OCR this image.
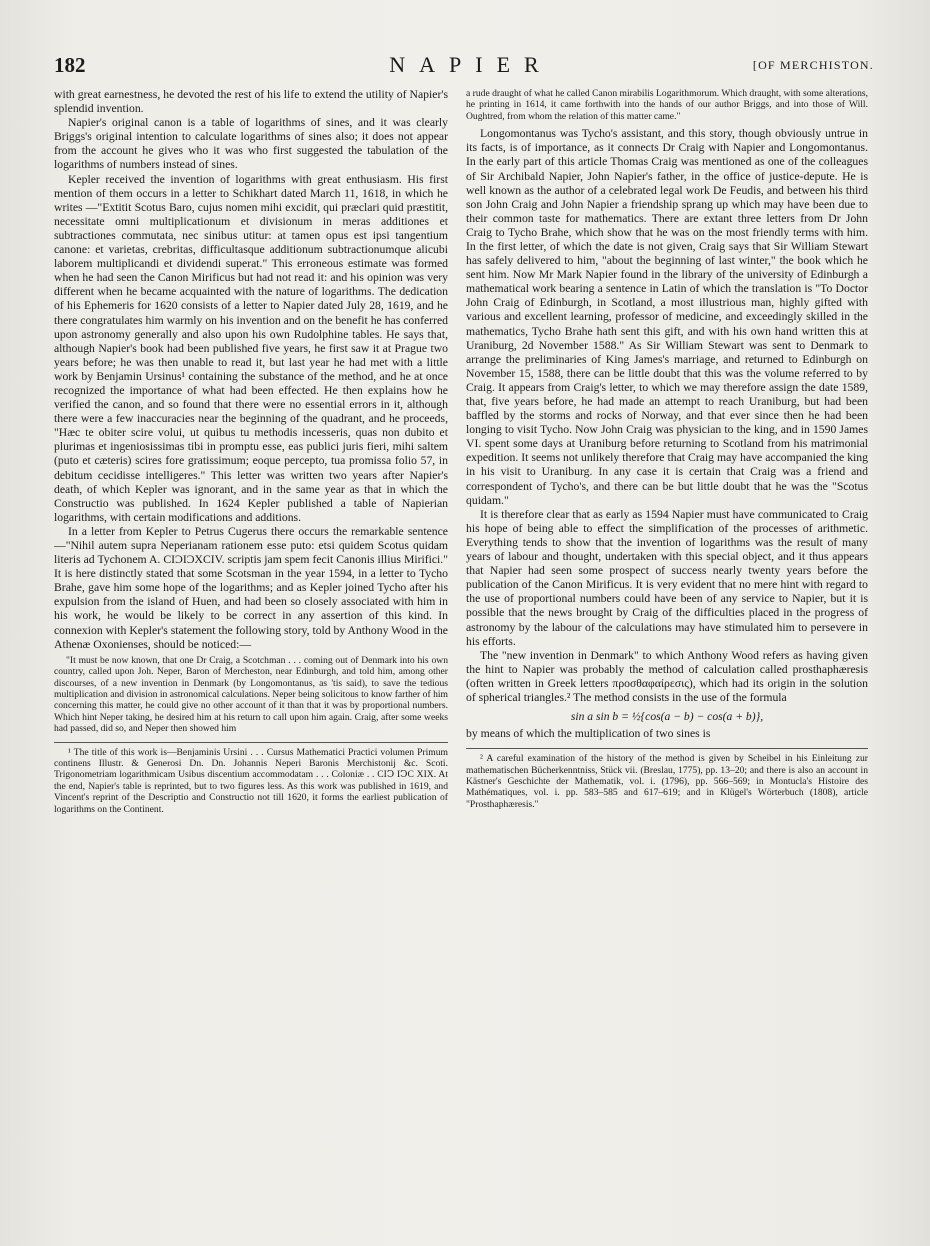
182	NAPIER	[OF MERCHISTON.

with great earnestness, he devoted the rest of his life to extend the utility of Napier's splendid invention.

Napier's original canon is a table of logarithms of sines, and it was clearly Briggs's original intention to calculate logarithms of sines also; it does not appear from the account he gives who it was who first suggested the tabulation of the logarithms of numbers instead of sines.

Kepler received the invention of logarithms with great enthusiasm. His first mention of them occurs in a letter to Schikhart dated March 11, 1618, in which he writes —"Extitit Scotus Baro, cujus nomen mihi excidit, qui præclari quid præstitit, necessitate omni multiplicationum et divisionum in meras additiones et subtractiones commutata, nec sinibus utitur: at tamen opus est ipsi tangentium canone: et varietas, crebritas, difficultasque additionum subtractionumque alicubi laborem multiplicandi et dividendi superat." This erroneous estimate was formed when he had seen the Canon Mirificus but had not read it: and his opinion was very different when he became acquainted with the nature of logarithms. The dedication of his Ephemeris for 1620 consists of a letter to Napier dated July 28, 1619, and he there congratulates him warmly on his invention and on the benefit he has conferred upon astronomy generally and also upon his own Rudolphine tables. He says that, although Napier's book had been published five years, he first saw it at Prague two years before; he was then unable to read it, but last year he had met with a little work by Benjamin Ursinus¹ containing the substance of the method, and he at once recognized the importance of what had been effected. He then explains how he verified the canon, and so found that there were no essential errors in it, although there were a few inaccuracies near the beginning of the quadrant, and he proceeds, "Hæc te obiter scire volui, ut quibus tu methodis incesseris, quas non dubito et plurimas et ingeniosissimas tibi in promptu esse, eas publici juris fieri, mihi saltem (puto et cæteris) scires fore gratissimum; eoque percepto, tua promissa folio 57, in debitum cecidisse intelligeres." This letter was written two years after Napier's death, of which Kepler was ignorant, and in the same year as that in which the Constructio was published. In 1624 Kepler published a table of Napierian logarithms, with certain modifications and additions.

In a letter from Kepler to Petrus Cugerus there occurs the remarkable sentence—"Nihil autem supra Neperianam rationem esse puto: etsi quidem Scotus quidam literis ad Tychonem A. CIƆIƆXCIV. scriptis jam spem fecit Canonis illius Mirifici." It is here distinctly stated that some Scotsman in the year 1594, in a letter to Tycho Brahe, gave him some hope of the logarithms; and as Kepler joined Tycho after his expulsion from the island of Huen, and had been so closely associated with him in his work, he would be likely to be correct in any assertion of this kind. In connexion with Kepler's statement the following story, told by Anthony Wood in the Athenæ Oxonienses, should be noticed:—

"It must be now known, that one Dr Craig, a Scotchman . . . coming out of Denmark into his own country, called upon Joh. Neper, Baron of Mercheston, near Edinburgh, and told him, among other discourses, of a new invention in Denmark (by Longomontanus, as 'tis said), to save the tedious multiplication and division in astronomical calculations. Neper being solicitous to know farther of him concerning this matter, he could give no other account of it than that it was by proportional numbers. Which hint Neper taking, he desired him at his return to call upon him again. Craig, after some weeks had passed, did so, and Neper then showed him

¹ The title of this work is—Benjaminis Ursini . . . Cursus Mathematici Practici volumen Primum continens Illustr. & Generosi Dn. Dn. Johannis Neperi Baronis Merchistonij &c. Scoti. Trigonometriam logarithmicam Usibus discentium accommodatam . . . Coloniæ . . CIↃ IↃC XIX. At the end, Napier's table is reprinted, but to two figures less. As this work was published in 1619, and Vincent's reprint of the Descriptio and Constructio not till 1620, it forms the earliest publication of logarithms on the Continent.

a rude draught of what he called Canon mirabilis Logarithmorum. Which draught, with some alterations, he printing in 1614, it came forthwith into the hands of our author Briggs, and into those of Will. Oughtred, from whom the relation of this matter came."

Longomontanus was Tycho's assistant, and this story, though obviously untrue in its facts, is of importance, as it connects Dr Craig with Napier and Longomontanus. In the early part of this article Thomas Craig was mentioned as one of the colleagues of Sir Archibald Napier, John Napier's father, in the office of justice-depute. He is well known as the author of a celebrated legal work De Feudis, and between his third son John Craig and John Napier a friendship sprang up which may have been due to their common taste for mathematics. There are extant three letters from Dr John Craig to Tycho Brahe, which show that he was on the most friendly terms with him. In the first letter, of which the date is not given, Craig says that Sir William Stewart has safely delivered to him, "about the beginning of last winter," the book which he sent him. Now Mr Mark Napier found in the library of the university of Edinburgh a mathematical work bearing a sentence in Latin of which the translation is "To Doctor John Craig of Edinburgh, in Scotland, a most illustrious man, highly gifted with various and excellent learning, professor of medicine, and exceedingly skilled in the mathematics, Tycho Brahe hath sent this gift, and with his own hand written this at Uraniburg, 2d November 1588." As Sir William Stewart was sent to Denmark to arrange the preliminaries of King James's marriage, and returned to Edinburgh on November 15, 1588, there can be little doubt that this was the volume referred to by Craig. It appears from Craig's letter, to which we may therefore assign the date 1589, that, five years before, he had made an attempt to reach Uraniburg, but had been baffled by the storms and rocks of Norway, and that ever since then he had been longing to visit Tycho. Now John Craig was physician to the king, and in 1590 James VI. spent some days at Uraniburg before returning to Scotland from his matrimonial expedition. It seems not unlikely therefore that Craig may have accompanied the king in his visit to Uraniburg. In any case it is certain that Craig was a friend and correspondent of Tycho's, and there can be but little doubt that he was the "Scotus quidam."

It is therefore clear that as early as 1594 Napier must have communicated to Craig his hope of being able to effect the simplification of the processes of arithmetic. Everything tends to show that the invention of logarithms was the result of many years of labour and thought, undertaken with this special object, and it thus appears that Napier had seen some prospect of success nearly twenty years before the publication of the Canon Mirificus. It is very evident that no mere hint with regard to the use of proportional numbers could have been of any service to Napier, but it is possible that the news brought by Craig of the difficulties placed in the progress of astronomy by the labour of the calculations may have stimulated him to persevere in his efforts.

The "new invention in Denmark" to which Anthony Wood refers as having given the hint to Napier was probably the method of calculation called prosthaphæresis (often written in Greek letters προσθαφαίρεσις), which had its origin in the solution of spherical triangles.² The method consists in the use of the formula

sin a sin b = ½{cos(a − b) − cos(a + b)},

by means of which the multiplication of two sines is

² A careful examination of the history of the method is given by Scheibel in his Einleitung zur mathematischen Bücherkenntniss, Stück vii. (Breslau, 1775), pp. 13–20; and there is also an account in Kästner's Geschichte der Mathematik, vol. i. (1796), pp. 566–569; in Montucla's Histoire des Mathématiques, vol. i. pp. 583–585 and 617–619; and in Klügel's Wörterbuch (1808), article "Prosthaphæresis."
